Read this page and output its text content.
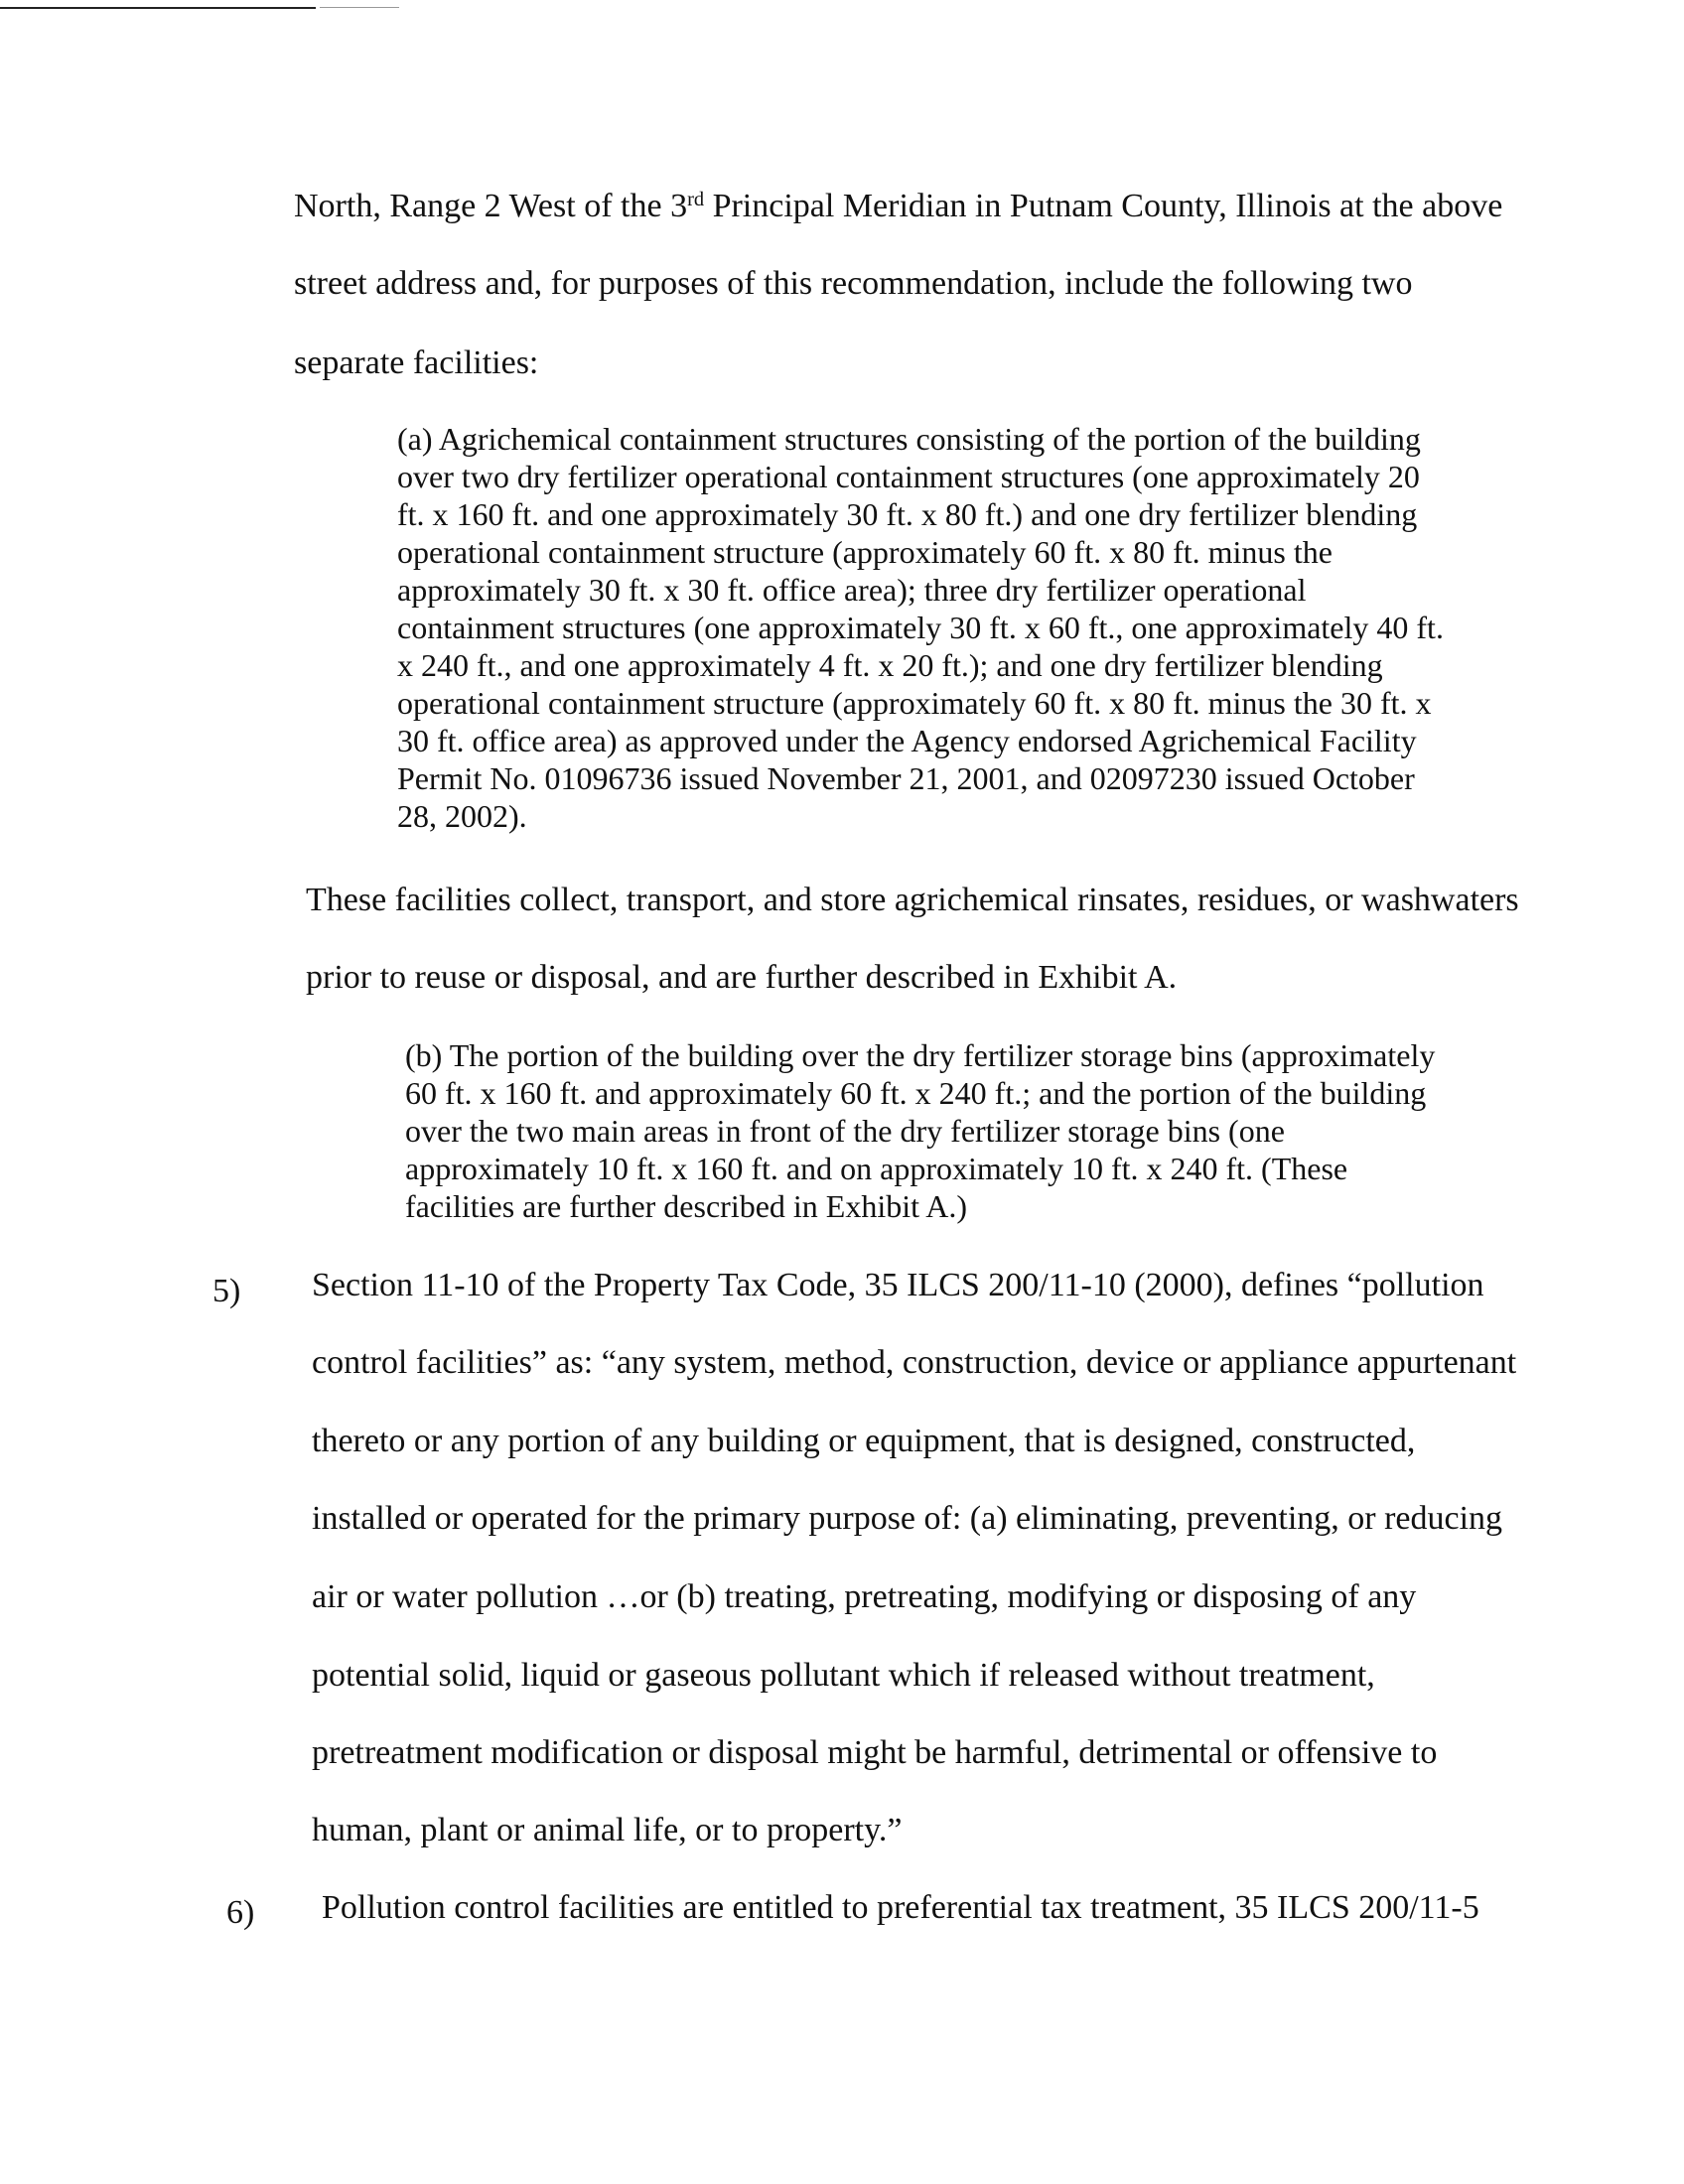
North, Range 2 West of the 3rd Principal Meridian in Putnam County, Illinois at the above
street address and, for purposes of this recommendation, include the following two
separate facilities:
(a) Agrichemical containment structures consisting of the portion of the building
over two dry fertilizer operational containment structures (one approximately 20
ft. x 160 ft. and one approximately 30 ft. x 80 ft.) and one dry fertilizer blending
operational containment structure (approximately 60 ft. x 80 ft. minus the
approximately 30 ft. x 30 ft. office area); three dry fertilizer operational
containment structures (one approximately 30 ft. x 60 ft., one approximately 40 ft.
x 240 ft., and one approximately 4 ft. x 20 ft.); and one dry fertilizer blending
operational containment structure (approximately 60 ft. x 80 ft. minus the 30 ft. x
30 ft. office area) as approved under the Agency endorsed Agrichemical Facility
Permit No. 01096736 issued November 21, 2001, and 02097230 issued October
28, 2002).
These facilities collect, transport, and store agrichemical rinsates, residues, or washwaters
prior to reuse or disposal, and are further described in Exhibit A.
(b) The portion of the building over the dry fertilizer storage bins (approximately
60 ft. x 160 ft. and approximately 60 ft. x 240 ft.; and the portion of the building
over the two main areas in front of the dry fertilizer storage bins (one
approximately 10 ft. x 160 ft. and on approximately 10 ft. x 240 ft. (These
facilities are further described in Exhibit A.)
5) Section 11-10 of the Property Tax Code, 35 ILCS 200/11-10 (2000), defines “pollution
control facilities” as: “any system, method, construction, device or appliance appurtenant
thereto or any portion of any building or equipment, that is designed, constructed,
installed or operated for the primary purpose of: (a) eliminating, preventing, or reducing
air or water pollution …or (b) treating, pretreating, modifying or disposing of any
potential solid, liquid or gaseous pollutant which if released without treatment,
pretreatment modification or disposal might be harmful, detrimental or offensive to
human, plant or animal life, or to property.”
6) Pollution control facilities are entitled to preferential tax treatment, 35 ILCS 200/11-5
